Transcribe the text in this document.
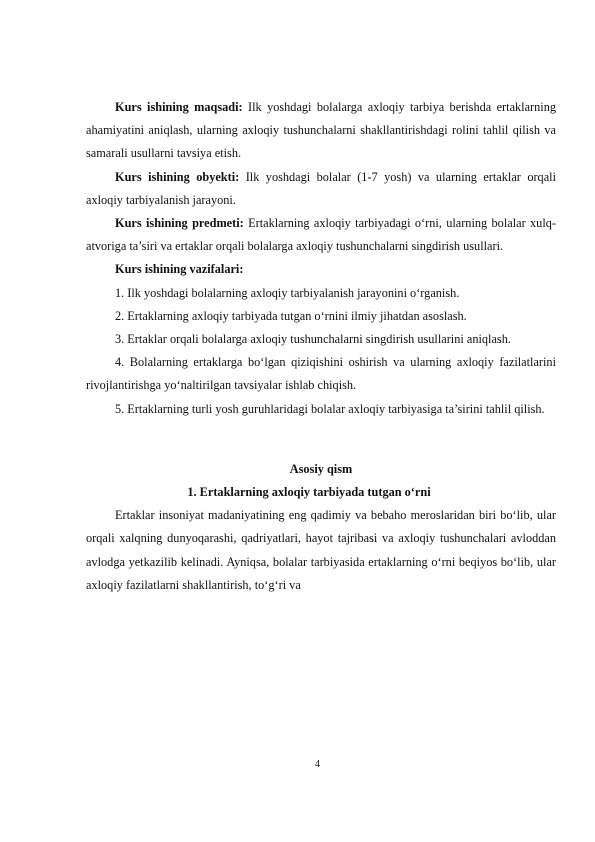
Kurs ishining maqsadi: Ilk yoshdagi bolalarga axloqiy tarbiya berishda ertaklarning ahamiyatini aniqlash, ularning axloqiy tushunchalarni shakllantirishdagi rolini tahlil qilish va samarali usullarni tavsiya etish.

Kurs ishining obyekti: Ilk yoshdagi bolalar (1-7 yosh) va ularning ertaklar orqali axloqiy tarbiyalanish jarayoni.

Kurs ishining predmeti: Ertaklarning axloqiy tarbiyadagi o‘rni, ularning bolalar xulq-atvoriga ta’siri va ertaklar orqali bolalarga axloqiy tushunchalarni singdirish usullari.

Kurs ishining vazifalari:

1. Ilk yoshdagi bolalarning axloqiy tarbiyalanish jarayonini o‘rganish.

2. Ertaklarning axloqiy tarbiyada tutgan o‘rnini ilmiy jihatdan asoslash.

3. Ertaklar orqali bolalarga axloqiy tushunchalarni singdirish usullarini aniqlash.

4. Bolalarning ertaklarga bo‘lgan qiziqishini oshirish va ularning axloqiy fazilatlarini rivojlantirishga yo‘naltirilgan tavsiyalar ishlab chiqish.

5. Ertaklarning turli yosh guruhlaridagi bolalar axloqiy tarbiyasiga ta’sirini tahlil qilish.

Asosiy qism

1. Ertaklarning axloqiy tarbiyada tutgan o‘rni

Ertaklar insoniyat madaniyatining eng qadimiy va bebaho meroslaridan biri bo‘lib, ular orqali xalqning dunyoqarashi, qadriyatlari, hayot tajribasi va axloqiy tushunchalari avloddan avlodga yetkazilib kelinadi. Ayniqsa, bolalar tarbiyasida ertaklarning o‘rni beqiyos bo‘lib, ular axloqiy fazilatlarni shakllantirish, to‘g‘ri va

4
